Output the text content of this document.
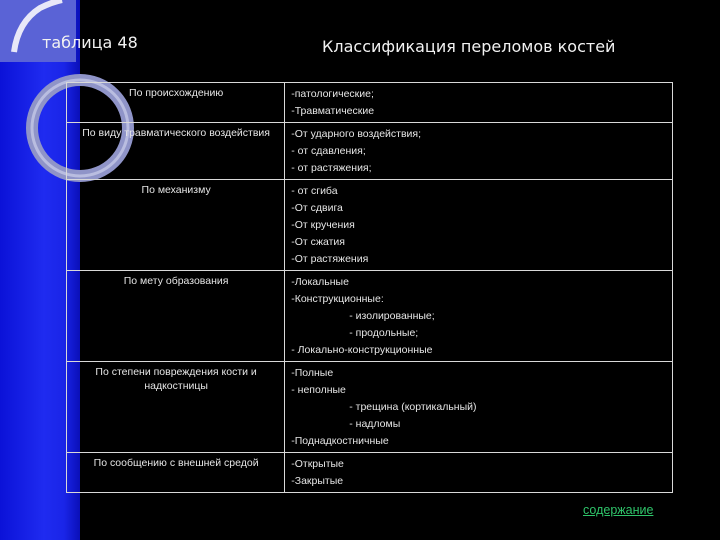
таблица 48	Классификация переломов костей
По происхождению	-патологические;
-Травматические

По виду травматического воздействия	-От ударного воздействия;
- от сдавления;
- от растяжения;

По механизму	- от сгиба
-От сдвига
-От кручения
-От сжатия
-От растяжения

По мету образования	-Локальные
-Конструкционные:
- изолированные;
- продольные;
- Локально-конструкционные

По степени повреждения кости и надкостницы	-Полные
- неполные
- трещина (кортикальный)
- надломы
-Поднадкостничные

По сообщению с внешней средой	-Открытые
-Закрытые
содержание
